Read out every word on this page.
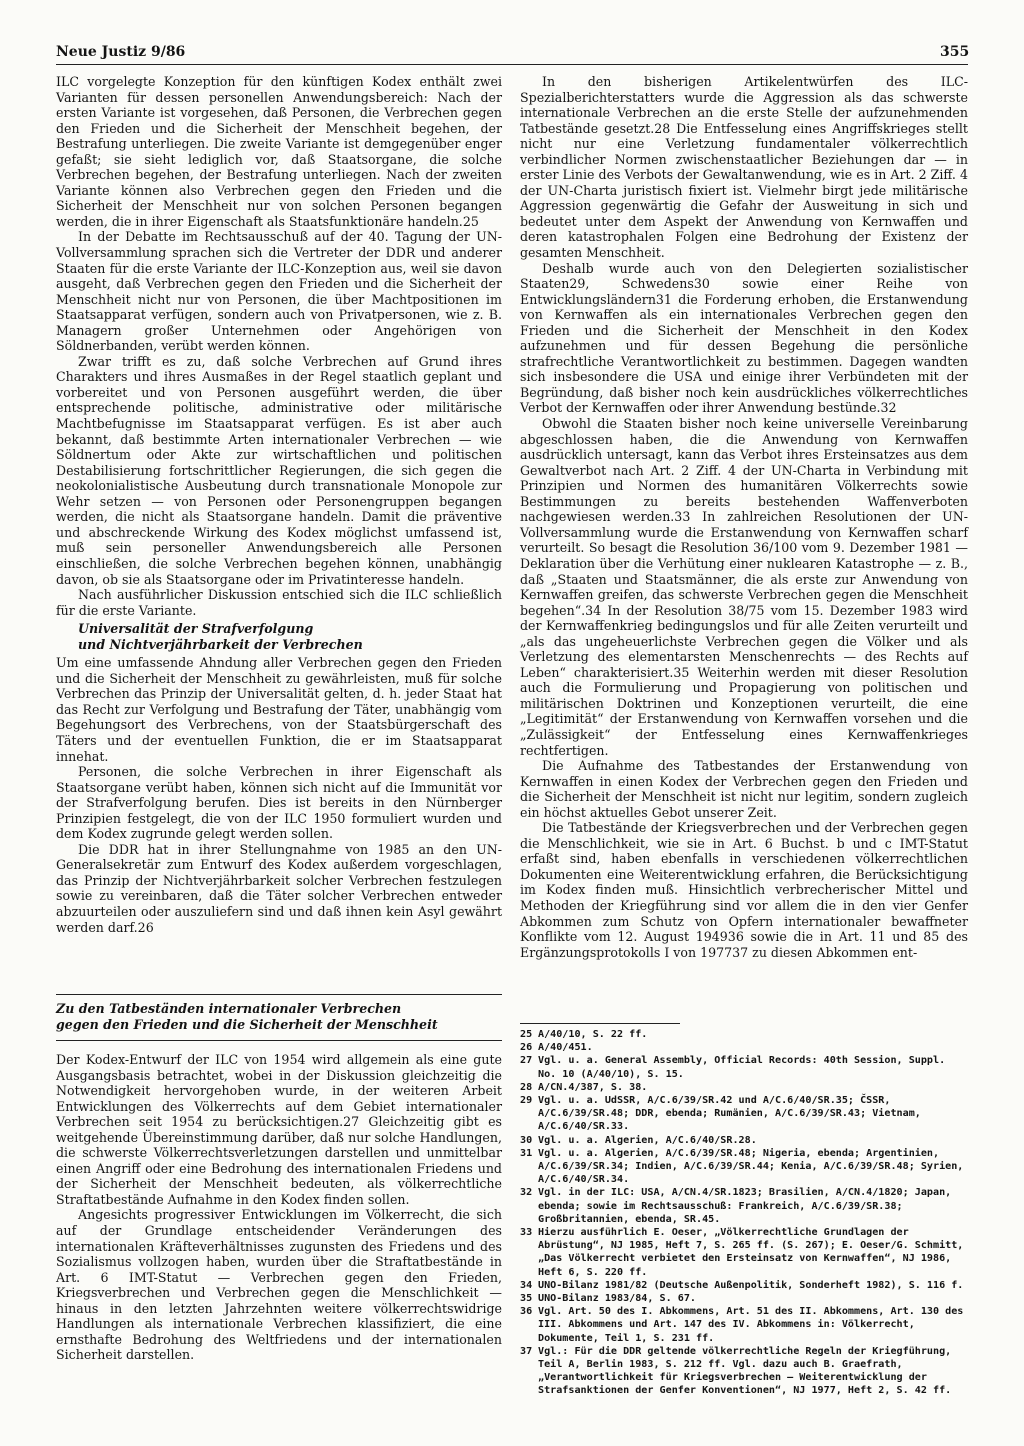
Neue Justiz 9/86	355

ILC vorgelegte Konzeption für den künftigen Kodex enthält zwei Varianten für dessen personellen Anwendungsbereich: Nach der ersten Variante ist vorgesehen, daß Personen, die Verbrechen gegen den Frieden und die Sicherheit der Menschheit begehen, der Bestrafung unterliegen. Die zweite Variante ist demgegenüber enger gefaßt; sie sieht lediglich vor, daß Staatsorgane, die solche Verbrechen begehen, der Bestrafung unterliegen. Nach der zweiten Variante können also Verbrechen gegen den Frieden und die Sicherheit der Menschheit nur von solchen Personen begangen werden, die in ihrer Eigenschaft als Staatsfunktionäre handeln.25

In der Debatte im Rechtsausschuß auf der 40. Tagung der UN-Vollversammlung sprachen sich die Vertreter der DDR und anderer Staaten für die erste Variante der ILC-Konzeption aus, weil sie davon ausgeht, daß Verbrechen gegen den Frieden und die Sicherheit der Menschheit nicht nur von Personen, die über Machtpositionen im Staatsapparat verfügen, sondern auch von Privatpersonen, wie z. B. Managern großer Unternehmen oder Angehörigen von Söldnerbanden, verübt werden können.

Zwar trifft es zu, daß solche Verbrechen auf Grund ihres Charakters und ihres Ausmaßes in der Regel staatlich geplant und vorbereitet und von Personen ausgeführt werden, die über entsprechende politische, administrative oder militärische Machtbefugnisse im Staatsapparat verfügen. Es ist aber auch bekannt, daß bestimmte Arten internationaler Verbrechen — wie Söldnertum oder Akte zur wirtschaftlichen und politischen Destabilisierung fortschrittlicher Regierungen, die sich gegen die neokolonialistische Ausbeutung durch transnationale Monopole zur Wehr setzen — von Personen oder Personengruppen begangen werden, die nicht als Staatsorgane handeln. Damit die präventive und abschreckende Wirkung des Kodex möglichst umfassend ist, muß sein personeller Anwendungsbereich alle Personen einschließen, die solche Verbrechen begehen können, unabhängig davon, ob sie als Staatsorgane oder im Privatinteresse handeln.

Nach ausführlicher Diskussion entschied sich die ILC schließlich für die erste Variante.

Universalität der Strafverfolgung
und Nichtverjährbarkeit der Verbrechen

Um eine umfassende Ahndung aller Verbrechen gegen den Frieden und die Sicherheit der Menschheit zu gewährleisten, muß für solche Verbrechen das Prinzip der Universalität gelten, d. h. jeder Staat hat das Recht zur Verfolgung und Bestrafung der Täter, unabhängig vom Begehungsort des Verbrechens, von der Staatsbürgerschaft des Täters und der eventuellen Funktion, die er im Staatsapparat innehat.

Personen, die solche Verbrechen in ihrer Eigenschaft als Staatsorgane verübt haben, können sich nicht auf die Immunität vor der Strafverfolgung berufen. Dies ist bereits in den Nürnberger Prinzipien festgelegt, die von der ILC 1950 formuliert wurden und dem Kodex zugrunde gelegt werden sollen.

Die DDR hat in ihrer Stellungnahme von 1985 an den UN-Generalsekretär zum Entwurf des Kodex außerdem vorgeschlagen, das Prinzip der Nichtverjährbarkeit solcher Verbrechen festzulegen sowie zu vereinbaren, daß die Täter solcher Verbrechen entweder abzuurteilen oder auszuliefern sind und daß ihnen kein Asyl gewährt werden darf.26

Zu den Tatbeständen internationaler Verbrechen
gegen den Frieden und die Sicherheit der Menschheit

Der Kodex-Entwurf der ILC von 1954 wird allgemein als eine gute Ausgangsbasis betrachtet, wobei in der Diskussion gleichzeitig die Notwendigkeit hervorgehoben wurde, in der weiteren Arbeit Entwicklungen des Völkerrechts auf dem Gebiet internationaler Verbrechen seit 1954 zu berücksichtigen.27 Gleichzeitig gibt es weitgehende Übereinstimmung darüber, daß nur solche Handlungen, die schwerste Völkerrechtsverletzungen darstellen und unmittelbar einen Angriff oder eine Bedrohung des internationalen Friedens und der Sicherheit der Menschheit bedeuten, als völkerrechtliche Straftatbestände Aufnahme in den Kodex finden sollen.

Angesichts progressiver Entwicklungen im Völkerrecht, die sich auf der Grundlage entscheidender Veränderungen des internationalen Kräfteverhältnisses zugunsten des Friedens und des Sozialismus vollzogen haben, wurden über die Straftatbestände in Art. 6 IMT-Statut — Verbrechen gegen den Frieden, Kriegsverbrechen und Verbrechen gegen die Menschlichkeit — hinaus in den letzten Jahrzehnten weitere völkerrechtswidrige Handlungen als internationale Verbrechen klassifiziert, die eine ernsthafte Bedrohung des Weltfriedens und der internationalen Sicherheit darstellen.

In den bisherigen Artikelentwürfen des ILC-Spezialberichterstatters wurde die Aggression als das schwerste internationale Verbrechen an die erste Stelle der aufzunehmenden Tatbestände gesetzt.28 Die Entfesselung eines Angriffskrieges stellt nicht nur eine Verletzung fundamentaler völkerrechtlich verbindlicher Normen zwischenstaatlicher Beziehungen dar — in erster Linie des Verbots der Gewaltanwendung, wie es in Art. 2 Ziff. 4 der UN-Charta juristisch fixiert ist. Vielmehr birgt jede militärische Aggression gegenwärtig die Gefahr der Ausweitung in sich und bedeutet unter dem Aspekt der Anwendung von Kernwaffen und deren katastrophalen Folgen eine Bedrohung der Existenz der gesamten Menschheit.

Deshalb wurde auch von den Delegierten sozialistischer Staaten29, Schwedens30 sowie einer Reihe von Entwicklungsländern31 die Forderung erhoben, die Erstanwendung von Kernwaffen als ein internationales Verbrechen gegen den Frieden und die Sicherheit der Menschheit in den Kodex aufzunehmen und für dessen Begehung die persönliche strafrechtliche Verantwortlichkeit zu bestimmen. Dagegen wandten sich insbesondere die USA und einige ihrer Verbündeten mit der Begründung, daß bisher noch kein ausdrückliches völkerrechtliches Verbot der Kernwaffen oder ihrer Anwendung bestünde.32

Obwohl die Staaten bisher noch keine universelle Vereinbarung abgeschlossen haben, die die Anwendung von Kernwaffen ausdrücklich untersagt, kann das Verbot ihres Ersteinsatzes aus dem Gewaltverbot nach Art. 2 Ziff. 4 der UN-Charta in Verbindung mit Prinzipien und Normen des humanitären Völkerrechts sowie Bestimmungen zu bereits bestehenden Waffenverboten nachgewiesen werden.33 In zahlreichen Resolutionen der UN-Vollversammlung wurde die Erstanwendung von Kernwaffen scharf verurteilt. So besagt die Resolution 36/100 vom 9. Dezember 1981 — Deklaration über die Verhütung einer nuklearen Katastrophe — z. B., daß „Staaten und Staatsmänner, die als erste zur Anwendung von Kernwaffen greifen, das schwerste Verbrechen gegen die Menschheit begehen“.34 In der Resolution 38/75 vom 15. Dezember 1983 wird der Kernwaffenkrieg bedingungslos und für alle Zeiten verurteilt und „als das ungeheuerlichste Verbrechen gegen die Völker und als Verletzung des elementarsten Menschenrechts — des Rechts auf Leben“ charakterisiert.35 Weiterhin werden mit dieser Resolution auch die Formulierung und Propagierung von politischen und militärischen Doktrinen und Konzeptionen verurteilt, die eine „Legitimität“ der Erstanwendung von Kernwaffen vorsehen und die „Zulässigkeit“ der Entfesselung eines Kernwaffenkrieges rechtfertigen.

Die Aufnahme des Tatbestandes der Erstanwendung von Kernwaffen in einen Kodex der Verbrechen gegen den Frieden und die Sicherheit der Menschheit ist nicht nur legitim, sondern zugleich ein höchst aktuelles Gebot unserer Zeit.

Die Tatbestände der Kriegsverbrechen und der Verbrechen gegen die Menschlichkeit, wie sie in Art. 6 Buchst. b und c IMT-Statut erfaßt sind, haben ebenfalls in verschiedenen völkerrechtlichen Dokumenten eine Weiterentwicklung erfahren, die Berücksichtigung im Kodex finden muß. Hinsichtlich verbrecherischer Mittel und Methoden der Kriegführung sind vor allem die in den vier Genfer Abkommen zum Schutz von Opfern internationaler bewaffneter Konflikte vom 12. August 194936 sowie die in Art. 11 und 85 des Ergänzungsprotokolls I von 197737 zu diesen Abkommen ent-

25 A/40/10, S. 22 ff.
26 A/40/451.
27 Vgl. u. a. General Assembly, Official Records: 40th Session, Suppl. No. 10 (A/40/10), S. 15.
28 A/CN.4/387, S. 38.
29 Vgl. u. a. UdSSR, A/C.6/39/SR.42 und A/C.6/40/SR.35; ČSSR, A/C.6/39/SR.48; DDR, ebenda; Rumänien, A/C.6/39/SR.43; Vietnam, A/C.6/40/SR.33.
30 Vgl. u. a. Algerien, A/C.6/40/SR.28.
31 Vgl. u. a. Algerien, A/C.6/39/SR.48; Nigeria, ebenda; Argentinien, A/C.6/39/SR.34; Indien, A/C.6/39/SR.44; Kenia, A/C.6/39/SR.48; Syrien, A/C.6/40/SR.34.
32 Vgl. in der ILC: USA, A/CN.4/SR.1823; Brasilien, A/CN.4/1820; Japan, ebenda; sowie im Rechtsausschuß: Frankreich, A/C.6/39/SR.38; Großbritannien, ebenda, SR.45.
33 Hierzu ausführlich E. Oeser, „Völkerrechtliche Grundlagen der Abrüstung“, NJ 1985, Heft 7, S. 265 ff. (S. 267); E. Oeser/G. Schmitt, „Das Völkerrecht verbietet den Ersteinsatz von Kernwaffen“, NJ 1986, Heft 6, S. 220 ff.
34 UNO-Bilanz 1981/82 (Deutsche Außenpolitik, Sonderheft 1982), S. 116 f.
35 UNO-Bilanz 1983/84, S. 67.
36 Vgl. Art. 50 des I. Abkommens, Art. 51 des II. Abkommens, Art. 130 des III. Abkommens und Art. 147 des IV. Abkommens in: Völkerrecht, Dokumente, Teil 1, S. 231 ff.
37 Vgl.: Für die DDR geltende völkerrechtliche Regeln der Kriegführung, Teil A, Berlin 1983, S. 212 ff. Vgl. dazu auch B. Graefrath, „Verantwortlichkeit für Kriegsverbrechen — Weiterentwicklung der Strafsanktionen der Genfer Konventionen“, NJ 1977, Heft 2, S. 42 ff.
